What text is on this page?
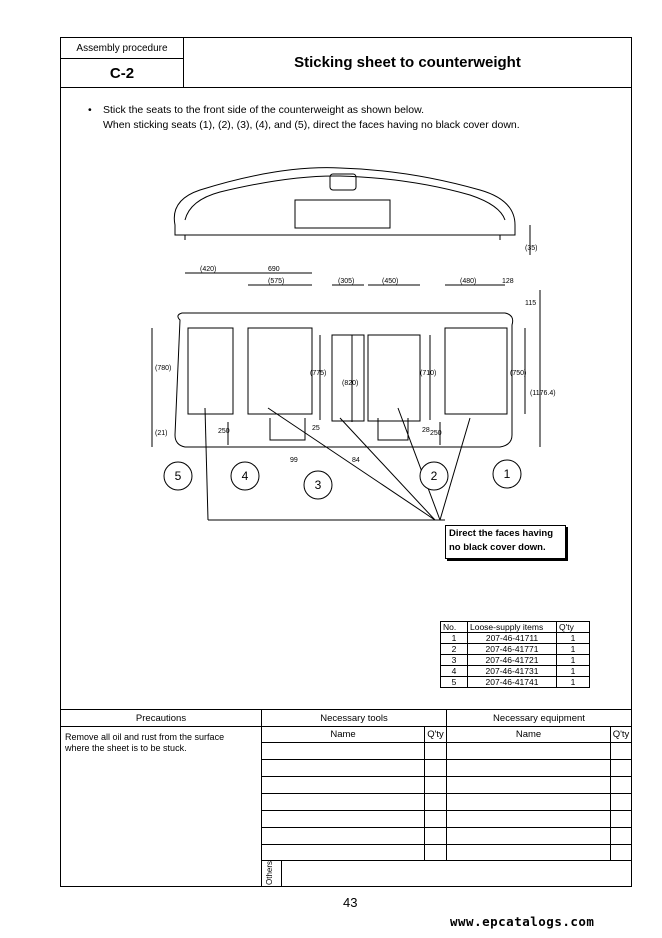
Assembly procedure
C-2
Sticking sheet to counterweight
• Stick the seats to the front side of the counterweight as shown below.
When sticking seats (1), (2), (3), (4), and (5), direct the faces having no black cover down.
(420)	690
(575)	(305)	(450)	(480)	128
(780)
(21)	250
(775)
(820)
(710)	(750)
(1176.4)
115
(35)
25	28 250
99	84
5	4
3
2	1
Direct the faces having
no black cover down.
No.	Loose-supply items	Q'ty
1	207-46-41711	1
2	207-46-41771	1
3	207-46-41721	1
4	207-46-41731	1
5	207-46-41741	1
Precautions	Necessary tools	Necessary equipment
Remove all oil and rust from the surface
where the sheet is to be stuck.
Name	Q'ty	Name	Q'ty
Others
43
www.epcatalogs.com
